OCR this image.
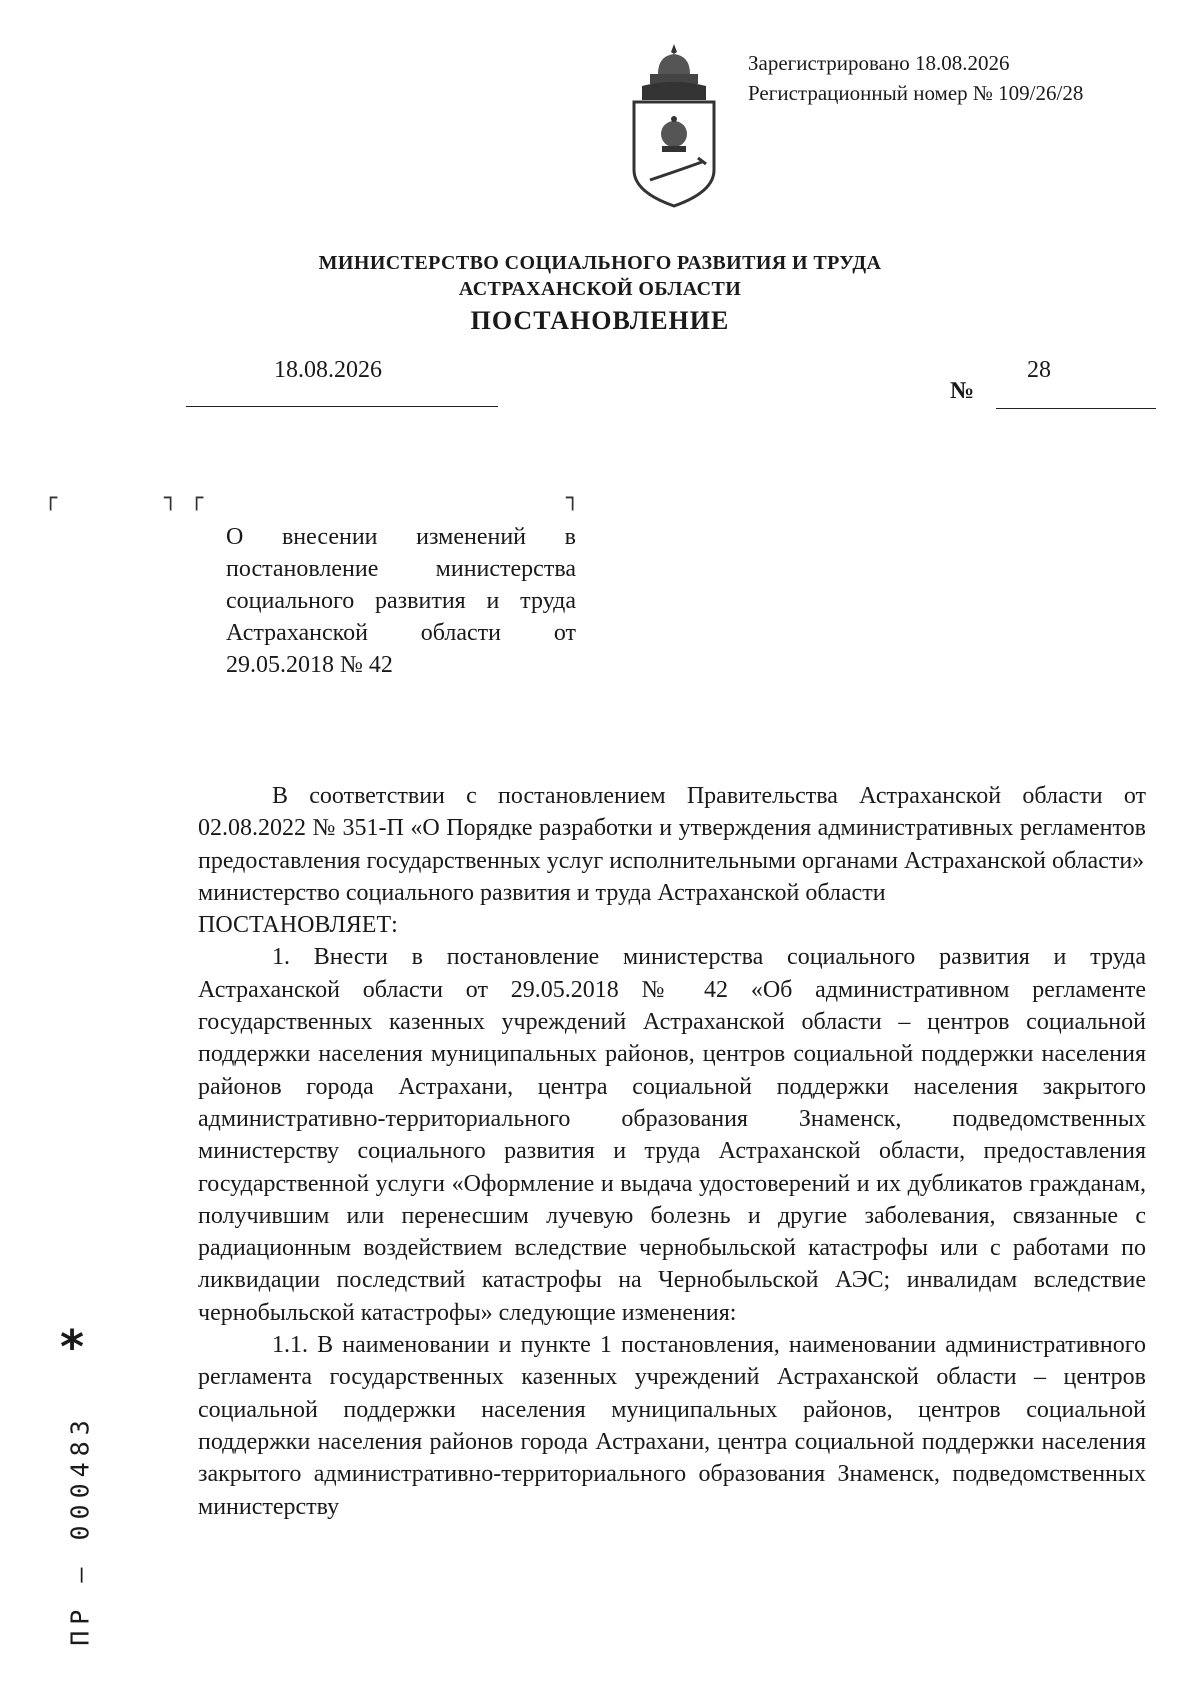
Зарегистрировано 18.08.2026
Регистрационный номер № 109/26/28
МИНИСТЕРСТВО СОЦИАЛЬНОГО РАЗВИТИЯ И ТРУДА
АСТРАХАНСКОЙ ОБЛАСТИ
ПОСТАНОВЛЕНИЕ
18.08.2026
№
28
┌	┐ ┌	┐
О внесении изменений в постановление министерства социального развития и труда Астраханской области от 29.05.2018 № 42

В соответствии с постановлением Правительства Астраханской области от 02.08.2022 № 351-П «О Порядке разработки и утверждения административных регламентов предоставления государственных услуг исполнительными органами Астраханской области»

министерство социального развития и труда Астраханской области

ПОСТАНОВЛЯЕТ:

1. Внести в постановление министерства социального развития и труда Астраханской области от 29.05.2018 № 42 «Об административном регламенте государственных казенных учреждений Астраханской области – центров социальной поддержки населения муниципальных районов, центров социальной поддержки населения районов города Астрахани, центра социальной поддержки населения закрытого административно-территориального образования Знаменск, подведомственных министерству социального развития и труда Астраханской области, предоставления государственной услуги «Оформление и выдача удостоверений и их дубликатов гражданам, получившим или перенесшим лучевую болезнь и другие заболевания, связанные с радиационным воздействием вследствие чернобыльской катастрофы или с работами по ликвидации последствий катастрофы на Чернобыльской АЭС; инвалидам вследствие чернобыльской катастрофы» следующие изменения:

1.1. В наименовании и пункте 1 постановления, наименовании административного регламента государственных казенных учреждений Астраханской области – центров социальной поддержки населения муниципальных районов, центров социальной поддержки населения районов города Астрахани, центра социальной поддержки населения закрытого административно-территориального образования Знаменск, подведомственных министерству

*
ПР – 000483
